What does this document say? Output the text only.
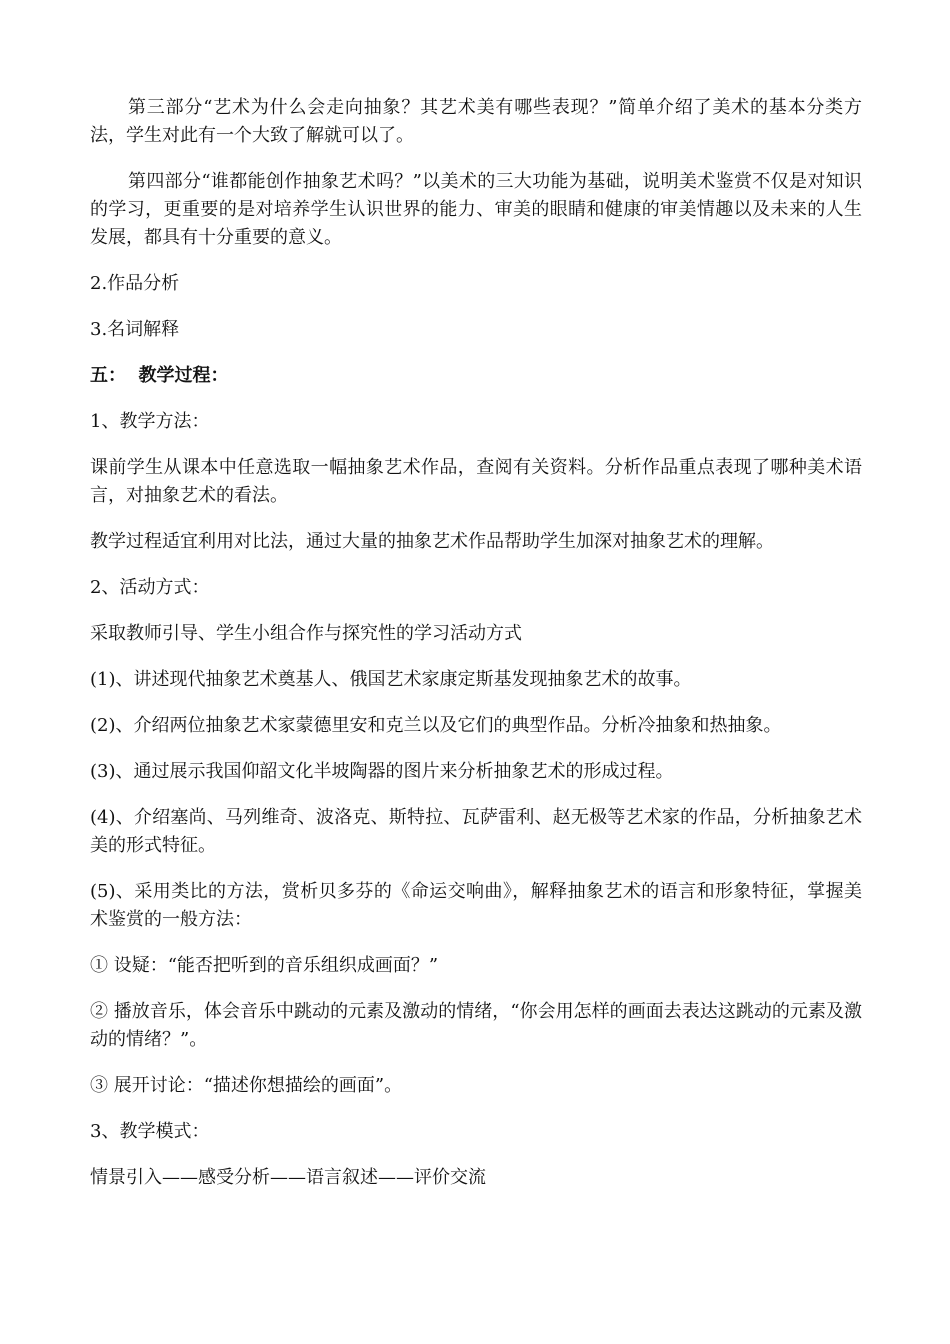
第三部分“艺术为什么会走向抽象？其艺术美有哪些表现？”简单介绍了美术的基本分类方法，学生对此有一个大致了解就可以了。

第四部分“谁都能创作抽象艺术吗？”以美术的三大功能为基础，说明美术鉴赏不仅是对知识的学习，更重要的是对培养学生认识世界的能力、审美的眼睛和健康的审美情趣以及未来的人生发展，都具有十分重要的意义。

2.作品分析

3.名词解释

五：  教学过程：

1、教学方法：

课前学生从课本中任意选取一幅抽象艺术作品，查阅有关资料。分析作品重点表现了哪种美术语言，对抽象艺术的看法。

教学过程适宜利用对比法，通过大量的抽象艺术作品帮助学生加深对抽象艺术的理解。

2、活动方式：

采取教师引导、学生小组合作与探究性的学习活动方式

(1)、讲述现代抽象艺术奠基人、俄国艺术家康定斯基发现抽象艺术的故事。

(2)、介绍两位抽象艺术家蒙德里安和克兰以及它们的典型作品。分析冷抽象和热抽象。

(3)、通过展示我国仰韶文化半坡陶器的图片来分析抽象艺术的形成过程。

(4)、介绍塞尚、马列维奇、波洛克、斯特拉、瓦萨雷利、赵无极等艺术家的作品，分析抽象艺术美的形式特征。

(5)、采用类比的方法，赏析贝多芬的《命运交响曲》，解释抽象艺术的语言和形象特征，掌握美术鉴赏的一般方法：

① 设疑：“能否把听到的音乐组织成画面？”

② 播放音乐，体会音乐中跳动的元素及激动的情绪，“你会用怎样的画面去表达这跳动的元素及激动的情绪？”。

③ 展开讨论：“描述你想描绘的画面”。

3、教学模式：

情景引入——感受分析——语言叙述——评价交流
